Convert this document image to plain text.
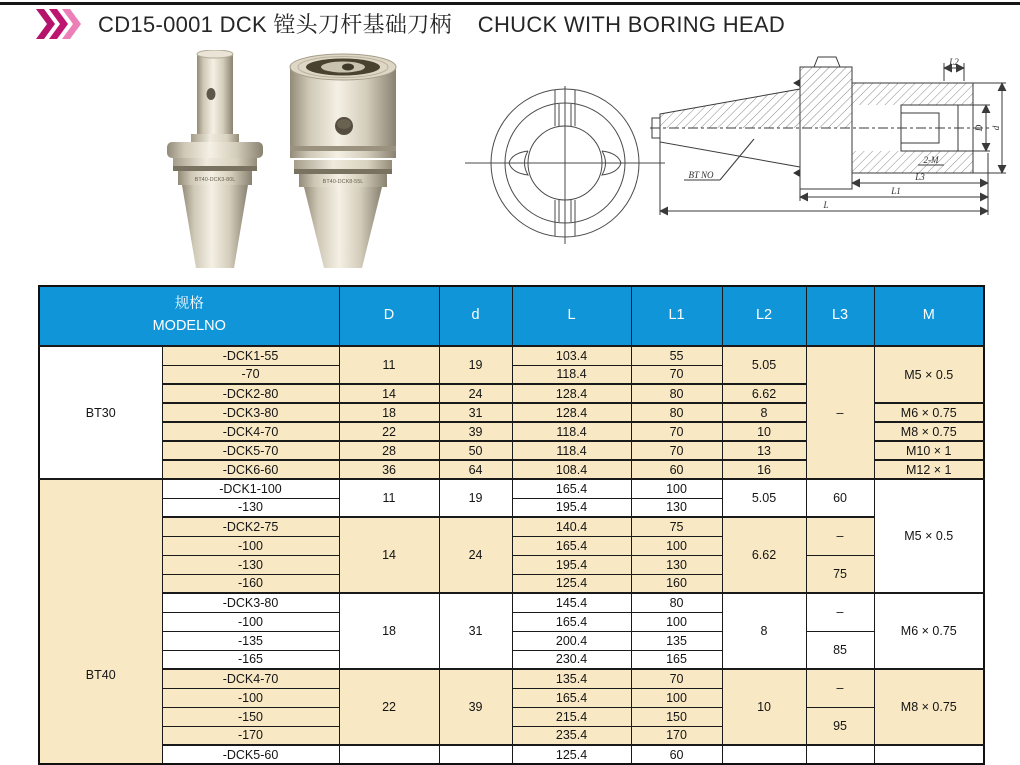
CD15-0001 DCK 镗头刀杆基础刀柄 CHUCK WITH BORING HEAD
BT40-DCK3-80L	BT40-DCK8-55L
L2
D d
2-M
L3
L1
L
BT NO
规格
MODELNO		D	d	L	L1	L2	L3	M
BT30	-DCK1-55	11	19	103.4	55	5.05	–	M5 × 0.5
	-70			118.4	70			
	-DCK2-80	14	24	128.4	80	6.62		
	-DCK3-80	18	31	128.4	80	8		M6 × 0.75
	-DCK4-70	22	39	118.4	70	10		M8 × 0.75
	-DCK5-70	28	50	118.4	70	13		M10 × 1
	-DCK6-60	36	64	108.4	60	16		M12 × 1
BT40	-DCK1-100	11	19	165.4	100	5.05	60	M5 × 0.5
	-130			195.4	130			
	-DCK2-75	14	24	140.4	75	6.62	–	
	-100			165.4	100			
	-130			195.4	130		75	
	-160			125.4	160			
	-DCK3-80	18	31	145.4	80	8	–	M6 × 0.75
	-100			165.4	100			
	-135			200.4	135		85	
	-165			230.4	165			
	-DCK4-70	22	39	135.4	70	10	–	M8 × 0.75
	-100			165.4	100			
	-150			215.4	150		95	
	-170			235.4	170			
	-DCK5-60			125.4	60			
